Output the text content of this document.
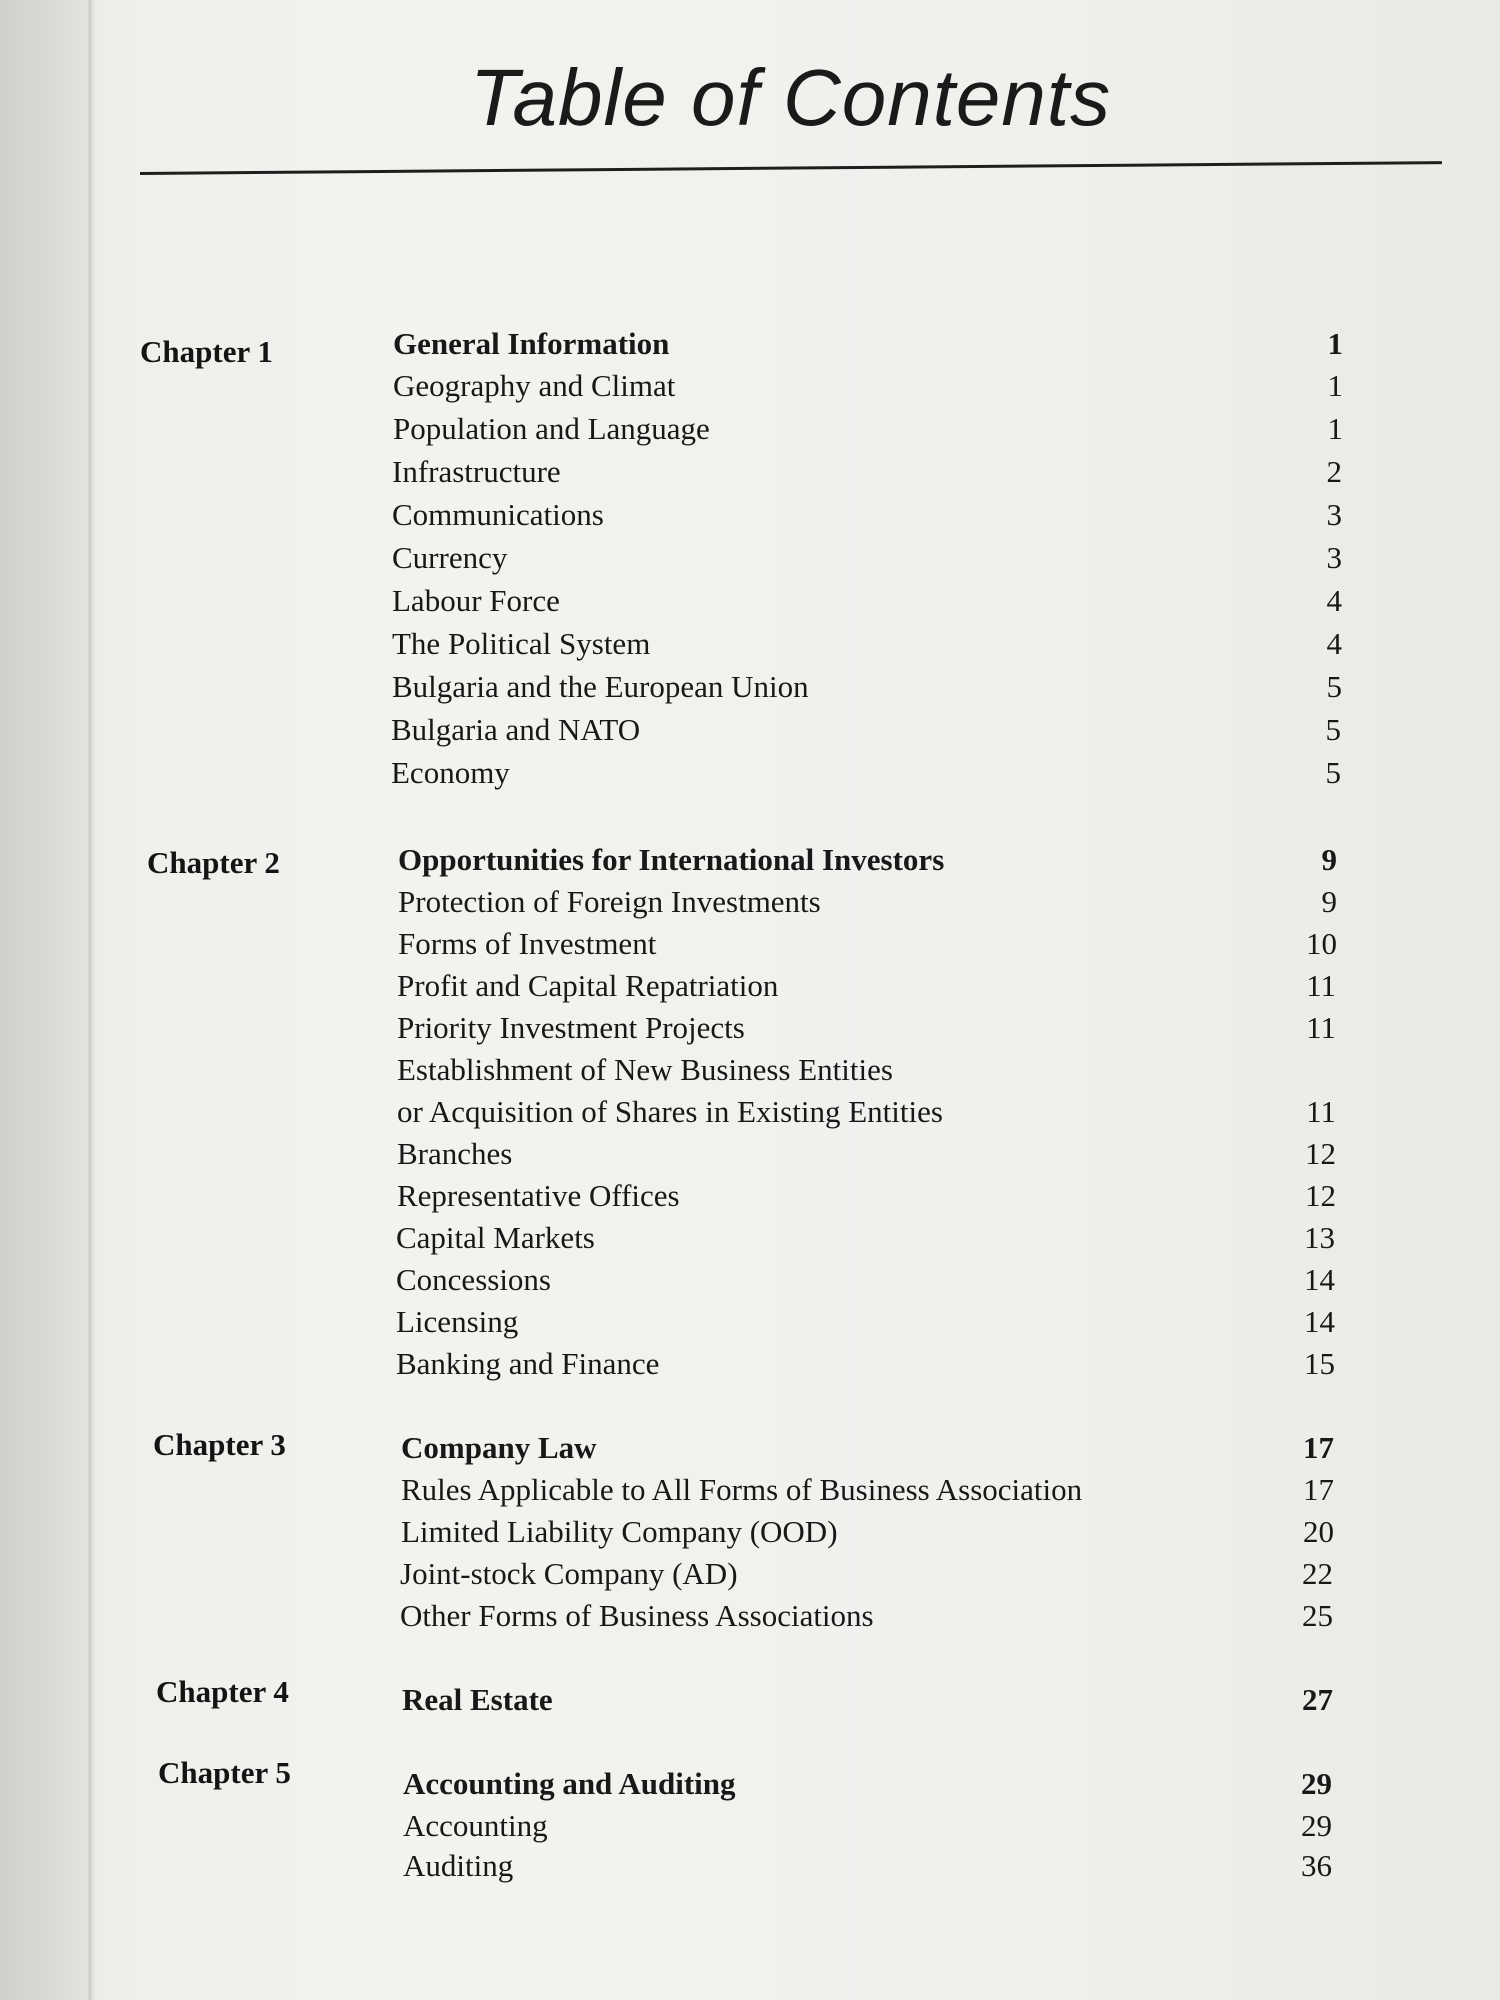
Table of Contents
Chapter 1	General Information	1
Geography and Climat	1
Population and Language	1
Infrastructure	2
Communications	3
Currency	3
Labour Force	4
The Political System	4
Bulgaria and the European Union	5
Bulgaria and NATO	5
Economy	5
Chapter 2	Opportunities for International Investors	9
Protection of Foreign Investments	9
Forms of Investment	10
Profit and Capital Repatriation	11
Priority Investment Projects	11
Establishment of New Business Entities
or Acquisition of Shares in Existing Entities	11
Branches	12
Representative Offices	12
Capital Markets	13
Concessions	14
Licensing	14
Banking and Finance	15
Chapter 3	Company Law	17
Rules Applicable to All Forms of Business Association	17
Limited Liability Company (OOD)	20
Joint-stock Company (AD)	22
Other Forms of Business Associations	25
Chapter 4	Real Estate	27
Chapter 5	Accounting and Auditing	29
Accounting	29
Auditing	36
